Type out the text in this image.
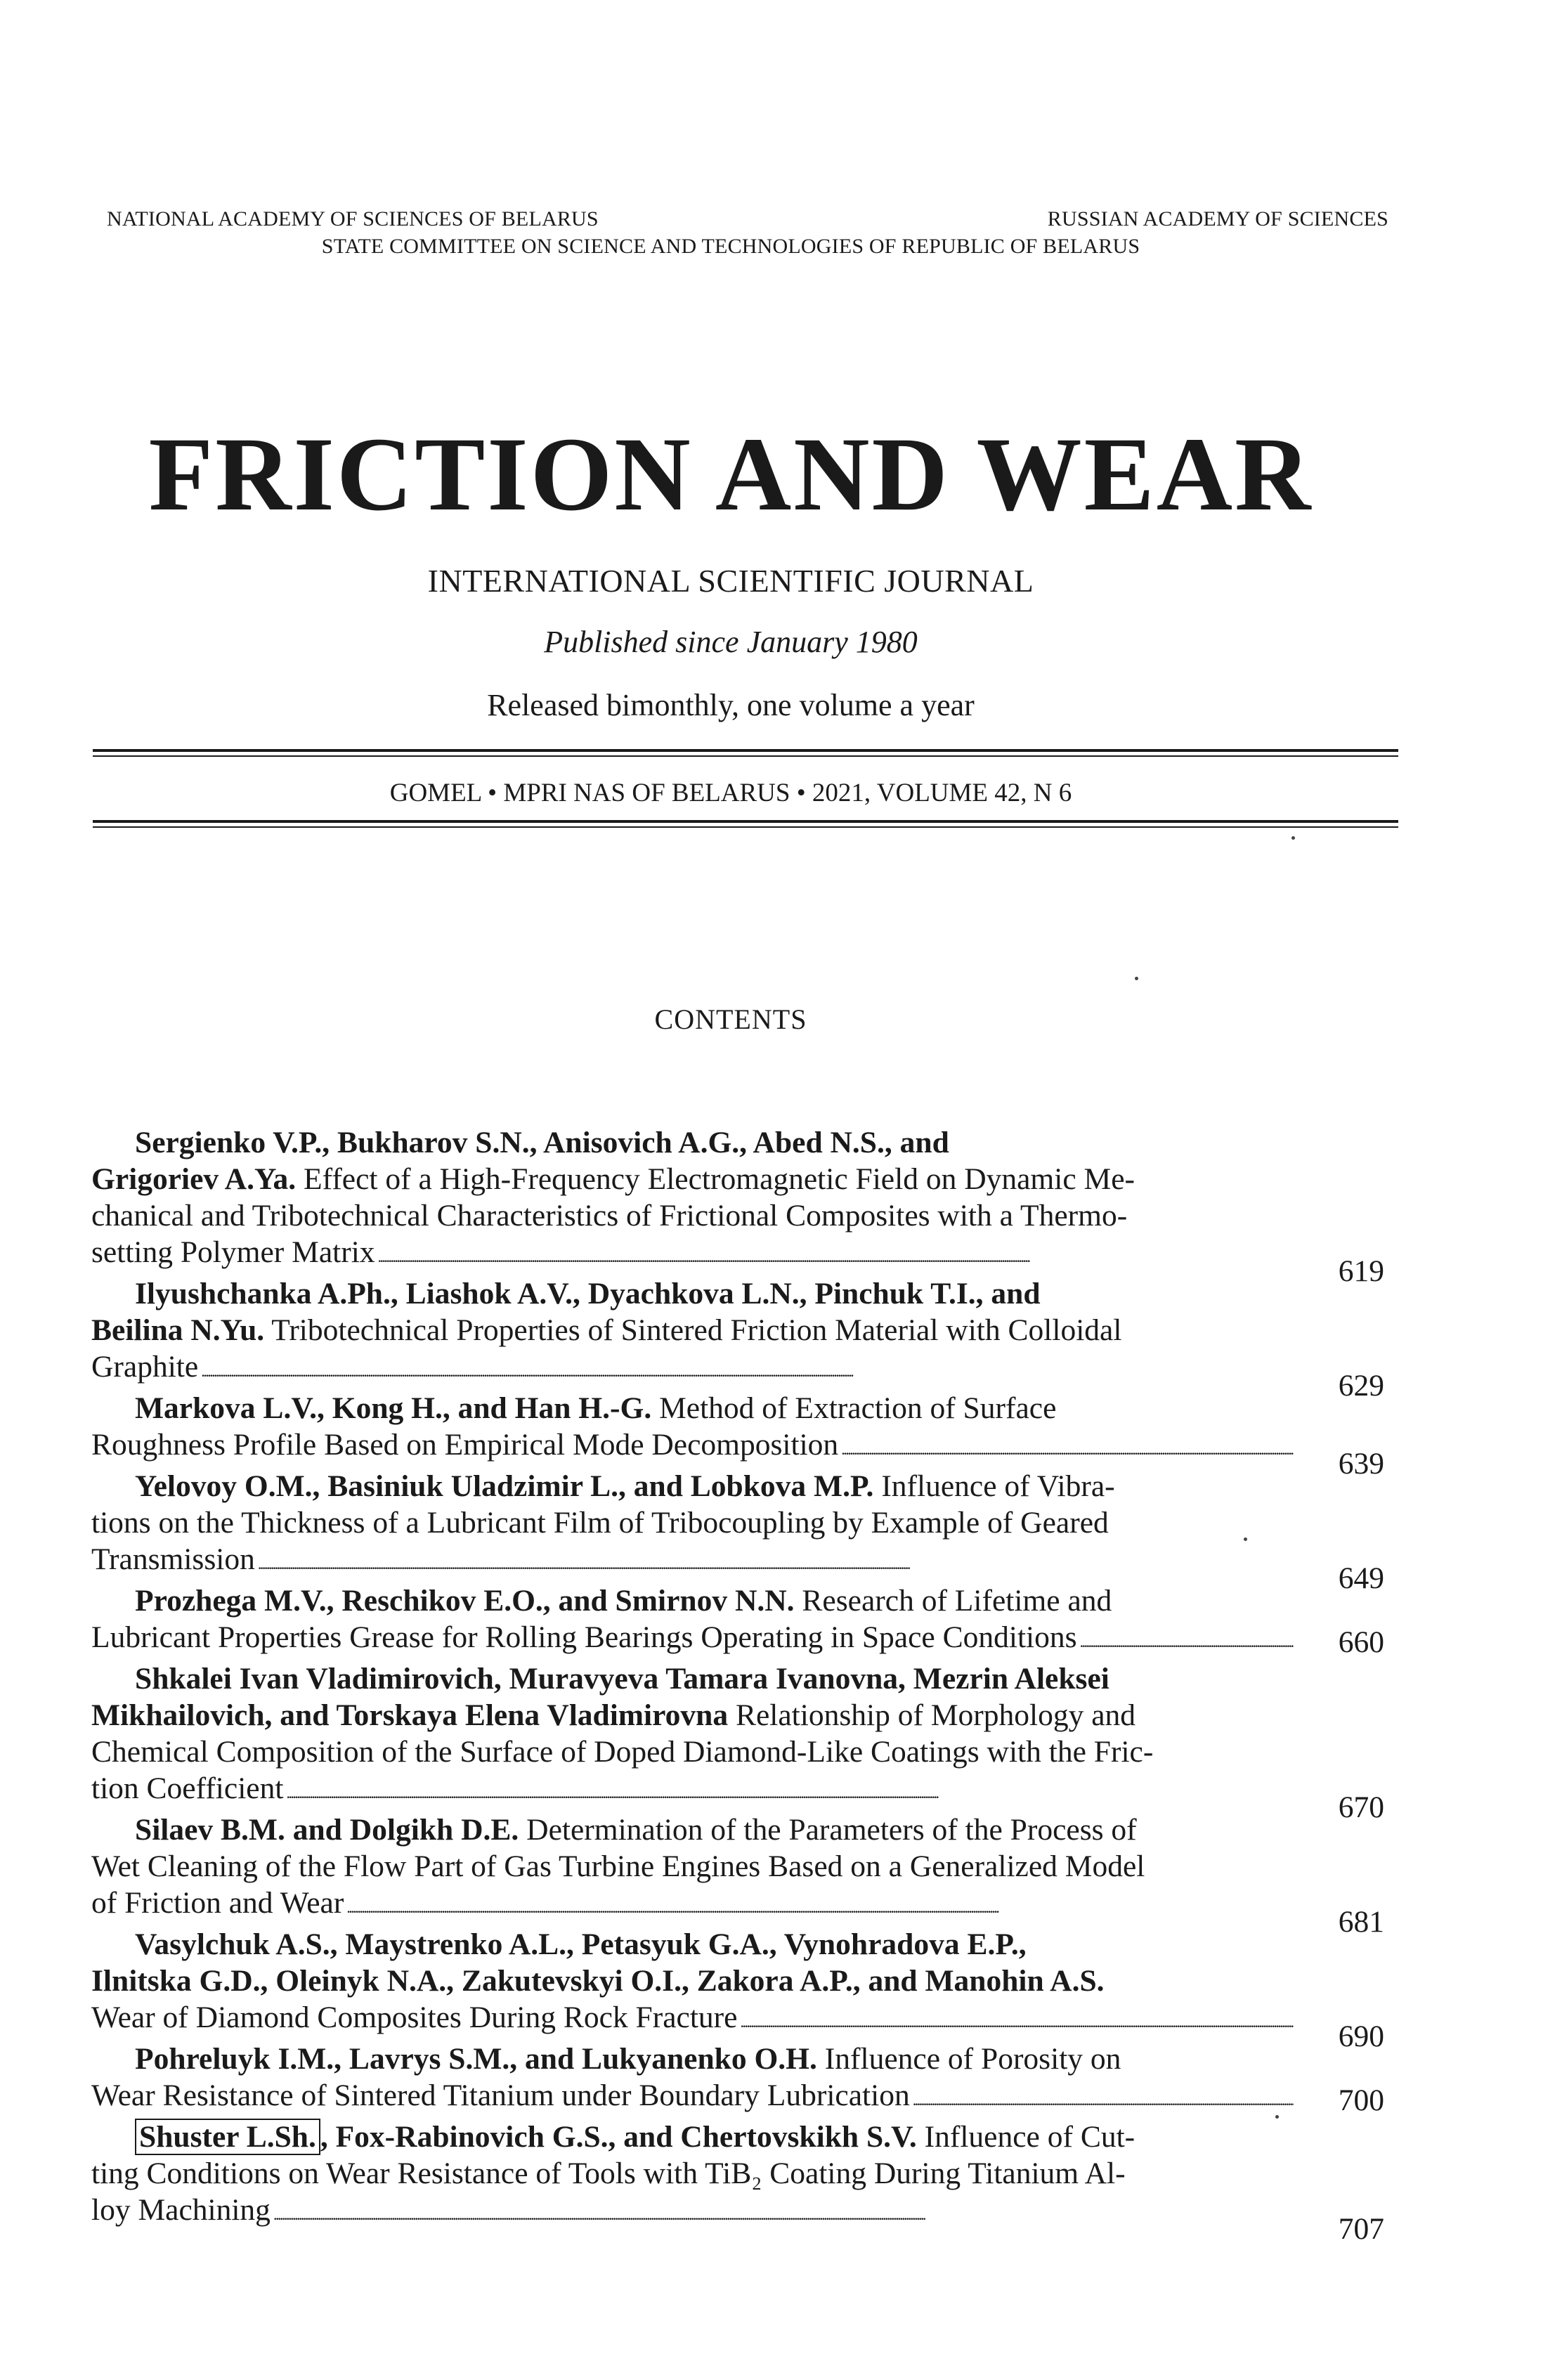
NATIONAL ACADEMY OF SCIENCES OF BELARUS	RUSSIAN ACADEMY OF SCIENCES
STATE COMMITTEE ON SCIENCE AND TECHNOLOGIES OF REPUBLIC OF BELARUS
FRICTION AND WEAR
INTERNATIONAL SCIENTIFIC JOURNAL
Published since January 1980
Released bimonthly, one volume a year
GOMEL • MPRI NAS OF BELARUS • 2021, VOLUME 42, N 6
CONTENTS
Sergienko V.P., Bukharov S.N., Anisovich A.G., Abed N.S., and
Grigoriev A.Ya. Effect of a High-Frequency Electromagnetic Field on Dynamic Me-
chanical and Tribotechnical Characteristics of Frictional Composites with a Thermo-
setting Polymer Matrix
. . .
619
Ilyushchanka A.Ph., Liashok A.V., Dyachkova L.N., Pinchuk T.I., and
Beilina N.Yu. Tribotechnical Properties of Sintered Friction Material with Colloidal
Graphite
. . .
629
Markova L.V., Kong H., and Han H.-G. Method of Extraction of Surface
Roughness Profile Based on Empirical Mode Decomposition
. . .
639
Yelovoy O.M., Basiniuk Uladzimir L., and Lobkova M.P. Influence of Vibra-
tions on the Thickness of a Lubricant Film of Tribocoupling by Example of Geared
Transmission
. . .
649
Prozhega M.V., Reschikov E.O., and Smirnov N.N. Research of Lifetime and
Lubricant Properties Grease for Rolling Bearings Operating in Space Conditions . . .	660
Shkalei Ivan Vladimirovich, Muravyeva Tamara Ivanovna, Mezrin Aleksei
Mikhailovich, and Torskaya Elena Vladimirovna Relationship of Morphology and
Chemical Composition of the Surface of Doped Diamond-Like Coatings with the Fric-
tion Coefficient
. . .
670
Silaev B.M. and Dolgikh D.E. Determination of the Parameters of the Process of
Wet Cleaning of the Flow Part of Gas Turbine Engines Based on a Generalized Model
of Friction and Wear
. . .
681
Vasylchuk A.S., Maystrenko A.L., Petasyuk G.A., Vynohradova E.P.,
Ilnitska G.D., Oleinyk N.A., Zakutevskyi O.I., Zakora A.P., and Manohin A.S.
Wear of Diamond Composites During Rock Fracture
. . .
690
Pohreluyk I.M., Lavrys S.M., and Lukyanenko O.H. Influence of Porosity on
Wear Resistance of Sintered Titanium under Boundary Lubrication . . .	700
Shuster L.Sh. , Fox-Rabinovich G.S., and Chertovskikh S.V. Influence of Cut-
ting Conditions on Wear Resistance of Tools with TiB₂ Coating During Titanium Al-
loy Machining
. . .
707
